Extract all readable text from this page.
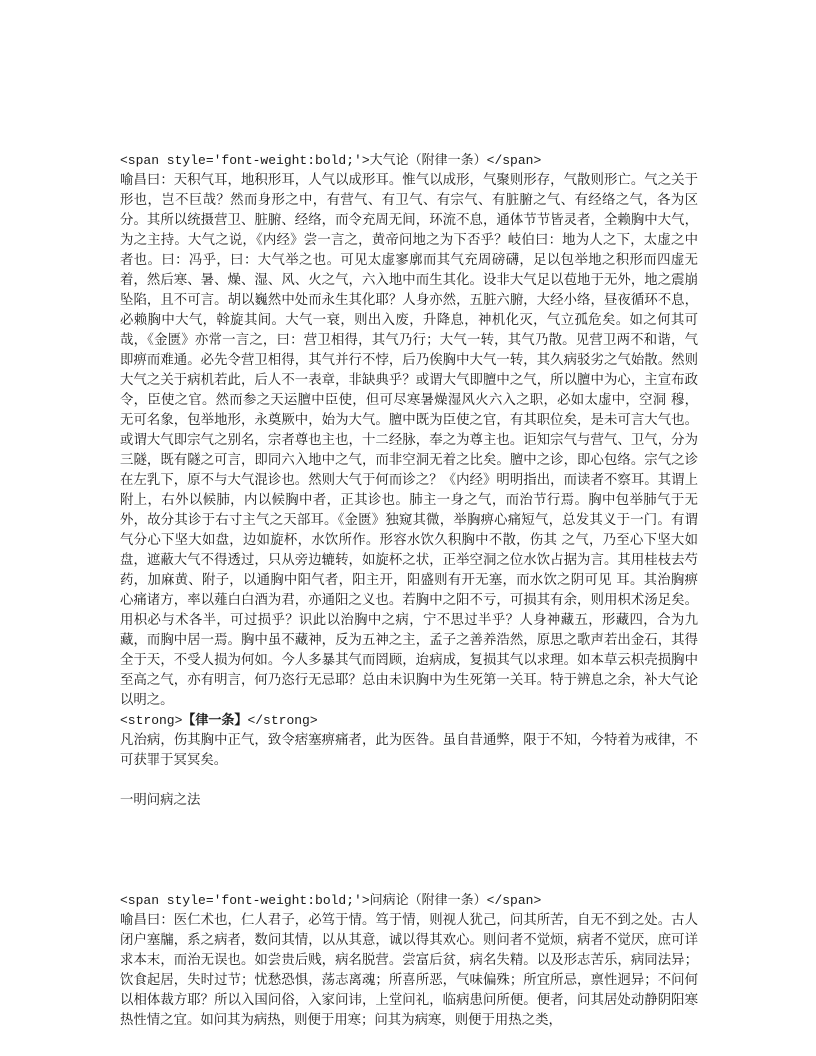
<span style='font-weight:bold;'>大气论（附律一条）</span>

喻昌曰：天积气耳，地积形耳，人气以成形耳。惟气以成形，气聚则形存，气散则形亡。气之关于形也，岂不巨哉？然而身形之中，有营气、有卫气、有宗气、有脏腑之气、有经络之气，各为区分。其所以统摄营卫、脏腑、经络，而令充周无间，环流不息，通体节节皆灵者，全赖胸中大气，为之主持。大气之说，《内经》尝一言之，黄帝问地之为下否乎？岐伯曰：地为人之下，太虚之中者也。曰：冯乎，曰：大气举之也。可见太虚寥廓而其气充周磅礴，足以包举地之积形而四虚无着，然后寒、暑、燥、湿、风、火之气，六入地中而生其化。设非大气足以苞地于无外，地之震崩坠陷，且不可言。胡以巍然中处而永生其化耶？人身亦然，五脏六腑，大经小络，昼夜循环不息，必赖胸中大气，斡旋其间。大气一衰，则出入废，升降息，神机化灭，气立孤危矣。如之何其可哉，《金匮》亦常一言之，曰：营卫相得，其气乃行；大气一转，其气乃散。见营卫两不和谐，气即痹而难通。必先令营卫相得，其气并行不悖，后乃俟胸中大气一转，其久病驳劣之气始散。然则大气之关于病机若此，后人不一表章，非缺典乎？或谓大气即膻中之气，所以膻中为心，主宣布政令，臣使之官。然而参之天运膻中臣使，但可尽寒暑燥湿风火六入之职，必如太虚中，空洞 穆，无可名象，包举地形，永奠厥中，始为大气。膻中既为臣使之官，有其职位矣，是未可言大气也。或谓大气即宗气之别名，宗者尊也主也，十二经脉，奉之为尊主也。讵知宗气与营气、卫气，分为三隧，既有隧之可言，即同六入地中之气，而非空洞无着之比矣。膻中之诊，即心包络。宗气之诊在左乳下，原不与大气混诊也。然则大气于何而诊之？《内经》明明指出，而读者不察耳。其谓上附上，右外以候肺，内以候胸中者，正其诊也。肺主一身之气，而治节行焉。胸中包举肺气于无外，故分其诊于右寸主气之天部耳。《金匮》独窥其微，举胸痹心痛短气，总发其义于一门。有谓气分心下坚大如盘，边如旋杯，水饮所作。形容水饮久积胸中不散，伤其 之气，乃至心下坚大如盘，遮蔽大气不得透过，只从旁边辘转，如旋杯之状，正举空洞之位水饮占据为言。其用桂枝去芍药，加麻黄、附子，以通胸中阳气者，阳主开，阳盛则有开无塞，而水饮之阴可见 耳。其治胸痹心痛诸方，率以薤白白酒为君，亦通阳之义也。若胸中之阳不亏，可损其有余，则用枳术汤足矣。用枳必与术各半，可过损乎？识此以治胸中之病，宁不思过半乎？人身神藏五，形藏四，合为九藏，而胸中居一焉。胸中虽不藏神，反为五神之主，孟子之善养浩然，原思之歌声若出金石，其得全于天，不受人损为何如。今人多暴其气而罔顾，迨病成，复损其气以求理。如本草云枳壳损胸中至高之气，亦有明言，何乃恣行无忌耶？总由未识胸中为生死第一关耳。特于辨息之余，补大气论以明之。

<strong>【律一条】</strong>

凡治病，伤其胸中正气，致令痞塞痹痛者，此为医咎。虽自昔通弊，限于不知，今特着为戒律，不可获罪于冥冥矣。

一明问病之法
<span style='font-weight:bold;'>问病论（附律一条）</span>

喻昌曰：医仁术也，仁人君子，必笃于情。笃于情，则视人犹己，问其所苦，自无不到之处。古人闭户塞牖，系之病者，数问其情，以从其意，诚以得其欢心。则问者不觉烦，病者不觉厌，庶可详求本末，而治无误也。如尝贵后贱，病名脱营。尝富后贫，病名失精。以及形志苦乐，病同法异；饮食起居，失时过节；忧愁恐惧，荡志离魂；所喜所恶，气味偏殊；所宜所忌，禀性迥异；不问何以相体裁方耶？所以入国问俗，入家问讳，上堂问礼，临病患问所便。便者，问其居处动静阴阳寒热性情之宜。如问其为病热，则便于用寒；问其为病寒，则便于用热之类，
